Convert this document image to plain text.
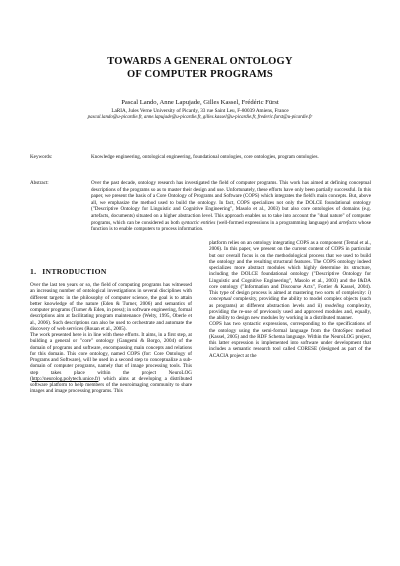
TOWARDS A GENERAL ONTOLOGY
OF COMPUTER PROGRAMS
Pascal Lando, Anne Lapujade, Gilles Kassel, Frédéric Fürst
LaRIA, Jules Verne University of Picardy, 33 rue Saint Leu, F-80039 Amiens, France
pascal.lando@u-picardie.fr, anne.lapujade@u-picardie.fr, gilles.kassel@u-picardie.fr, frederic.furst@u-picardie.fr
Keywords:	Knowledge engineering, ontological engineering, foundational ontologies, core ontologies, program ontologies.
Abstract:	Over the past decade, ontology research has investigated the field of computer programs. This work has aimed at defining conceptual descriptions of the programs so as to master their design and use. Unfortunately, these efforts have only been partially successful. In this paper, we present the basis of a Core Ontology of Programs and Software (COPS) which integrates the field's main concepts. But, above all, we emphasize the method used to build the ontology. In fact, COPS specializes not only the DOLCE foundational ontology ("Descriptive Ontology for Linguistic and Cognitive Engineering", Masolo et al., 2003) but also core ontologies of domains (e.g. artefacts, documents) situated on a higher abstraction level. This approach enables us to take into account the "dual nature" of computer programs, which can be considered as both syntactic entities (well-formed expressions in a programming language) and artefacts whose function is to enable computers to process information.
1. INTRODUCTION

Over the last ten years or so, the field of computing programs has witnessed an increasing number of ontological investigations in several disciplines with different targets: in the philosophy of computer science, the goal is to attain better knowledge of the nature (Eden & Turner, 2006) and semantics of computer programs (Turner & Eden, in press); in software engineering, formal descriptions aim at facilitating program maintenance (Welty, 1995, Oberle et al., 2006). Such descriptions can also be used to orchestrate and automate the discovery of web services (Rouan et al., 2005).

The work presented here is in line with these efforts. It aims, in a first step, at building a general or "core" ontology (Gangemi & Borgo, 2004) of the domain of programs and software, encompassing main concepts and relations for this domain. This core ontology, named COPS (for: Core Ontology of Programs and Software), will be used in a second step to conceptualize a sub-domain of computer programs, namely that of image processing tools. This step takes place within the project NeuroLOG (http://neurolog.polytech.unice.fr) which aims at developing a distributed software platform to help members of the neuroimaging community to share images and image processing programs. This

platform relies on an ontology integrating COPS as a component (Temal et al., 2006). In this paper, we present on the current content of COPS in particular but our overall focus is on the methodological process that we used to build the ontology and the resulting structural features. The COPS ontology indeed specializes more abstract modules which highly determine its structure, including the DOLCE foundational ontology ("Descriptive Ontology for Linguistic and Cognitive Engineering", Masolo et al., 2003) and the I&DA core ontology ("Information and Discourse Acts", Fortier & Kassel, 2004). This type of design process is aimed at mastering two sorts of complexity: i) conceptual complexity, providing the ability to model complex objects (such as programs) at different abstraction levels and ii) modeling complexity, providing the re-use of previously used and approved modules and, equally, the ability to design new modules by working in a distributed manner.

COPS has two syntactic expressions, corresponding to the specifications of the ontology using the semi-formal language from the OntoSpec method (Kassel, 2005) and the RDF Schema language. Within the NeuroLOG project, this latter expression is implemented into software under development that includes a semantic research tool called CORESE (designed as part of the ACACIA project at the
